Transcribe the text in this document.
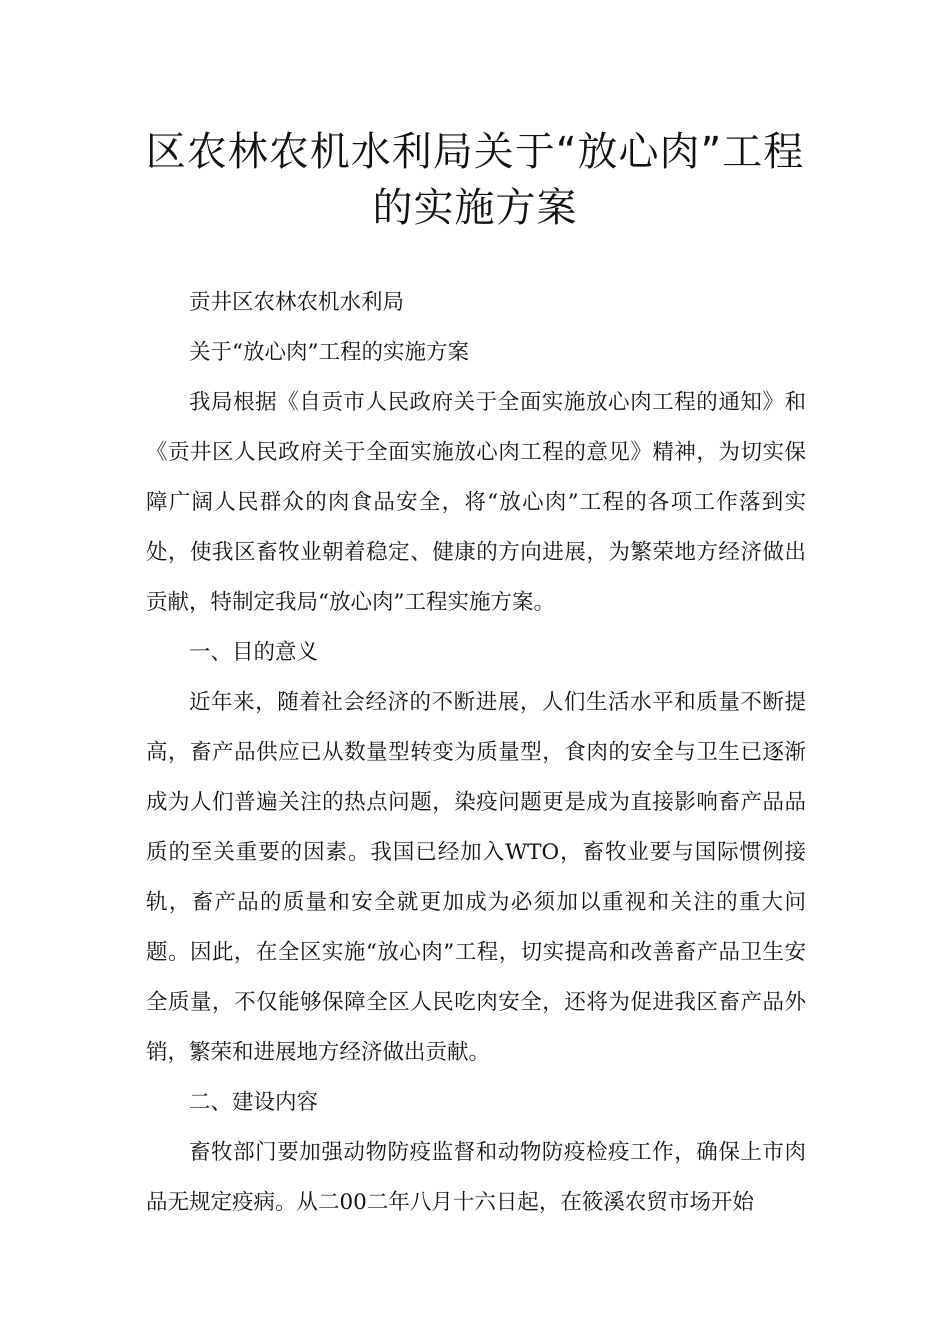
区农林农机水利局关于“放心肉”工程
的实施方案

贡井区农林农机水利局

关于“放心肉”工程的实施方案

我局根据《自贡市人民政府关于全面实施放心肉工程的通知》和《贡井区人民政府关于全面实施放心肉工程的意见》精神，为切实保障广阔人民群众的肉食品安全，将“放心肉”工程的各项工作落到实处，使我区畜牧业朝着稳定、健康的方向进展，为繁荣地方经济做出贡献，特制定我局“放心肉”工程实施方案。

一、目的意义

近年来，随着社会经济的不断进展，人们生活水平和质量不断提高，畜产品供应已从数量型转变为质量型，食肉的安全与卫生已逐渐成为人们普遍关注的热点问题，染疫问题更是成为直接影响畜产品品质的至关重要的因素。我国已经加入WTO，畜牧业要与国际惯例接轨，畜产品的质量和安全就更加成为必须加以重视和关注的重大问题。因此，在全区实施“放心肉”工程，切实提高和改善畜产品卫生安全质量，不仅能够保障全区人民吃肉安全，还将为促进我区畜产品外销，繁荣和进展地方经济做出贡献。

二、建设内容

畜牧部门要加强动物防疫监督和动物防疫检疫工作，确保上市肉品无规定疫病。从二00二年八月十六日起，在筱溪农贸市场开始
